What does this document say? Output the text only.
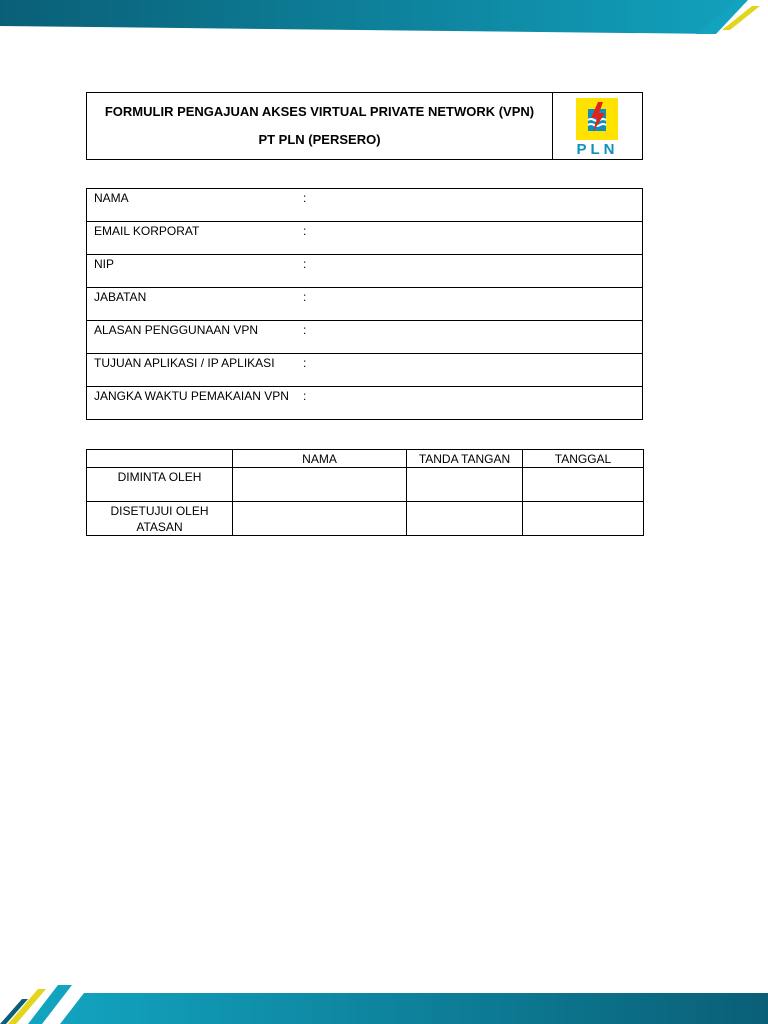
FORMULIR PENGAJUAN AKSES VIRTUAL PRIVATE NETWORK (VPN)
PT PLN (PERSERO)
PLN
NAMA	:

EMAIL KORPORAT	:

NIP	:

JABATAN	:

ALASAN PENGGUNAAN VPN	:

TUJUAN APLIKASI / IP APLIKASI :

JANGKA WAKTU PEMAKAIAN VPN :
	NAMA	TANDA TANGAN	TANGGAL
DIMINTA OLEH			
DISETUJUI OLEH ATASAN			
